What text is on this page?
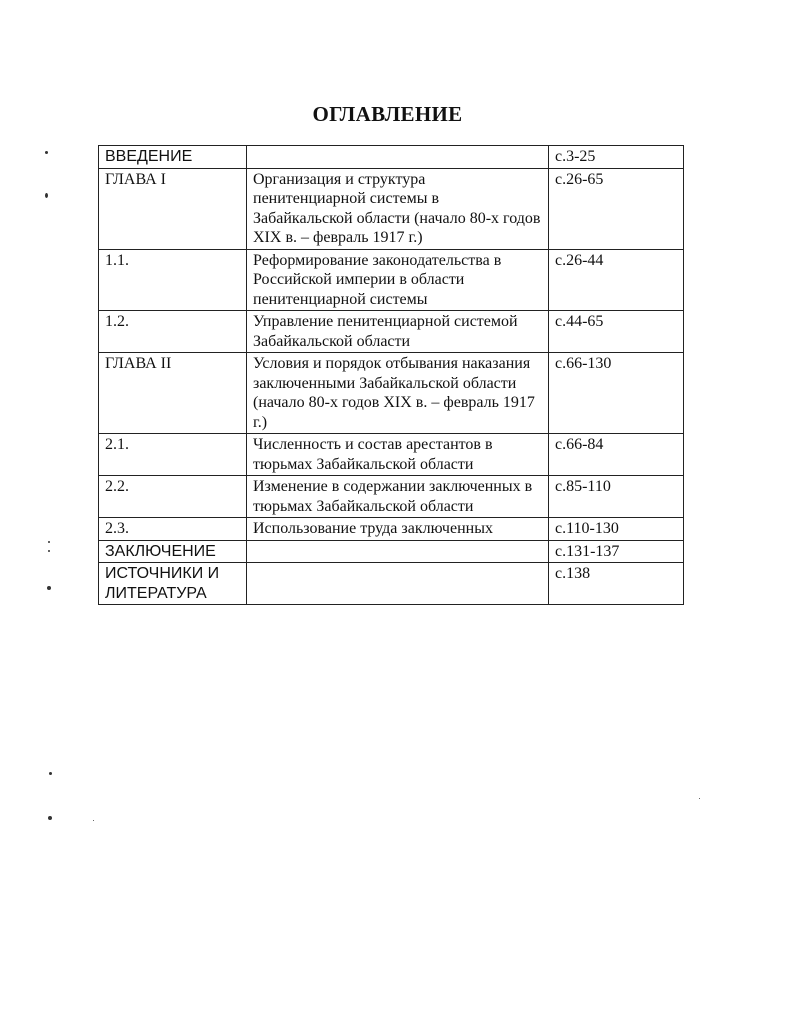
ОГЛАВЛЕНИЕ
ВВЕДЕНИЕ		с.3-25
ГЛАВА I	Организация и структура пенитенциарной системы в Забайкальской области (начало 80-х годов XIX в. – февраль 1917 г.)	с.26-65
1.1.	Реформирование законодательства в Российской империи в области пенитенциарной системы	с.26-44
1.2.	Управление пенитенциарной системой Забайкальской области	с.44-65
ГЛАВА II	Условия и порядок отбывания наказания заключенными Забайкальской области (начало 80-х годов XIX в. – февраль 1917 г.)	с.66-130
2.1.	Численность и состав арестантов в тюрьмах Забайкальской области	с.66-84
2.2.	Изменение в содержании заключенных в тюрьмах Забайкальской области	с.85-110
2.3.	Использование труда заключенных	с.110-130
ЗАКЛЮЧЕНИЕ		с.131-137
ИСТОЧНИКИ И ЛИТЕРАТУРА		с.138
